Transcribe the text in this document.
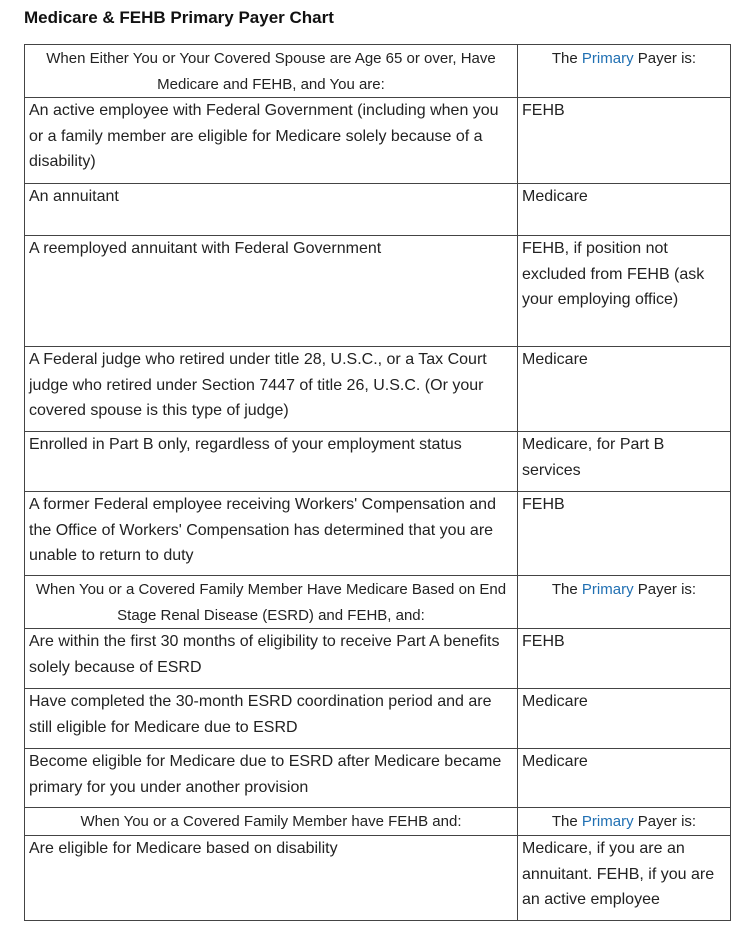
Medicare & FEHB Primary Payer Chart
When Either You or Your Covered Spouse are Age 65 or over, Have Medicare and FEHB, and You are:	The Primary Payer is:
An active employee with Federal Government (including when you or a family member are eligible for Medicare solely because of a disability)	FEHB
An annuitant	Medicare
A reemployed annuitant with Federal Government	FEHB, if position not excluded from FEHB (ask your employing office)
A Federal judge who retired under title 28, U.S.C., or a Tax Court judge who retired under Section 7447 of title 26, U.S.C. (Or your covered spouse is this type of judge)	Medicare
Enrolled in Part B only, regardless of your employment status	Medicare, for Part B services
A former Federal employee receiving Workers' Compensation and the Office of Workers' Compensation has determined that you are unable to return to duty	FEHB
When You or a Covered Family Member Have Medicare Based on End Stage Renal Disease (ESRD) and FEHB, and:	The Primary Payer is:
Are within the first 30 months of eligibility to receive Part A benefits solely because of ESRD	FEHB
Have completed the 30-month ESRD coordination period and are still eligible for Medicare due to ESRD	Medicare
Become eligible for Medicare due to ESRD after Medicare became primary for you under another provision	Medicare
When You or a Covered Family Member have FEHB and:	The Primary Payer is:
Are eligible for Medicare based on disability	Medicare, if you are an annuitant. FEHB, if you are an active employee
